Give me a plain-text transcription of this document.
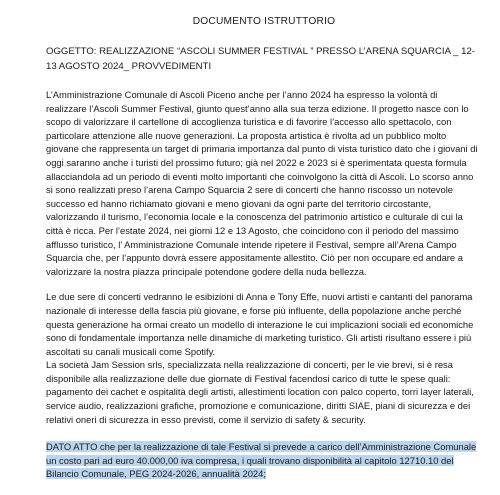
DOCUMENTO ISTRUTTORIO
OGGETTO: REALIZZAZIONE “ASCOLI SUMMER FESTIVAL ” PRESSO L’ARENA SQUARCIA _ 12-13 AGOSTO 2024_ PROVVEDIMENTI
L’Amministrazione Comunale di Ascoli Piceno anche per l’anno 2024 ha espresso la volontà di realizzare l’Ascoli Summer Festival, giunto quest’anno alla sua terza edizione. Il progetto nasce con lo scopo di valorizzare il cartellone di accoglienza turistica e di favorire l’accesso allo spettacolo, con particolare attenzione alle nuove generazioni. La proposta artistica è rivolta ad un pubblico molto giovane che rappresenta un target di primaria importanza dal punto di vista turistico dato che i giovani di oggi saranno anche i turisti del prossimo futuro; già nel 2022 e 2023 si è sperimentata questa formula allacciandola ad un periodo di eventi molto importanti che coinvolgono la città di Ascoli. Lo scorso anno si sono realizzati preso l’arena Campo Squarcia 2 sere di concerti che hanno riscosso un notevole successo ed hanno richiamato giovani e meno giovani da ogni parte del territorio circostante, valorizzando il turismo, l’economia locale e la conoscenza del patrimonio artistico e culturale di cui la città è ricca. Per l’estate 2024, nei giorni 12 e 13 Agosto, che coincidono con il periodo del massimo afflusso turistico, l’ Amministrazione Comunale intende ripetere il Festival, sempre all’Arena Campo Squarcia che, per l’appunto dovrà essere appositamente allestito. Ciò per non occupare ed andare a valorizzare la nostra piazza principale potendone godere della nuda bellezza.
Le due sere di concerti vedranno le esibizioni di Anna e Tony Effe, nuovi artisti e cantanti del panorama nazionale di interesse della fascia più giovane, e forse più influente, della popolazione anche perché questa generazione ha ormai creato un modello di interazione le cui implicazioni sociali ed economiche sono di fondamentale importanza nelle dinamiche di marketing turistico. Gli artisti risultano essere i più ascoltati su canali musicali come Spotify.
La società Jam Session srls, specializzata nella realizzazione di concerti, per le vie brevi, si è resa disponibile alla realizzazione delle due giornate di Festival facendosi carico di tutte le spese quali: pagamento dei cachet e ospitalità degli artisti, allestimenti location con palco coperto, torri layer laterali, service audio, realizzazioni grafiche, promozione e comunicazione, diritti SIAE, piani di sicurezza e dei relativi oneri di sicurezza in esso previsti, come il servizio di safety & security.
DATO ATTO che per la realizzazione di tale Festival si prevede a carico dell’Amministrazione Comunale un costo pari ad euro 40.000,00 iva compresa, i quali trovano disponibilità al capitolo 12710.10 del Bilancio Comunale, PEG 2024-2026, annualità 2024;
